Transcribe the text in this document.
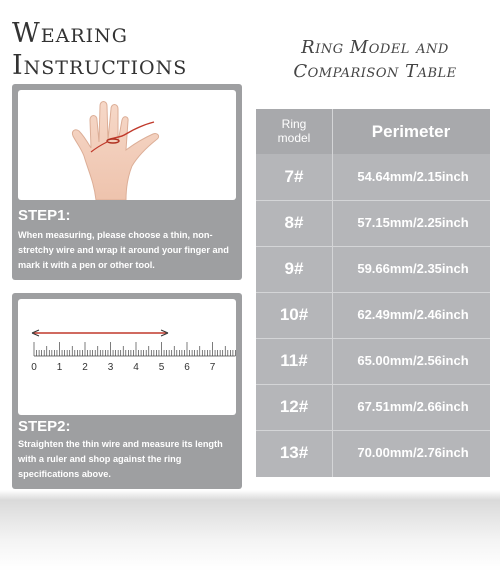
Wearing
Instructions
Ring Model and
Comparison Table
STEP1:
When measuring, please choose a thin, non-stretchy wire and wrap it around your finger and mark it with a pen or other tool.
0 1 2 3 4 5 6 7
STEP2:
Straighten the thin wire and measure its length with a ruler and shop against the ring specifications above.
Ring
model	Perimeter
7#	54.64mm/2.15inch
8#	57.15mm/2.25inch
9#	59.66mm/2.35inch
10#	62.49mm/2.46inch
11#	65.00mm/2.56inch
12#	67.51mm/2.66inch
13#	70.00mm/2.76inch
